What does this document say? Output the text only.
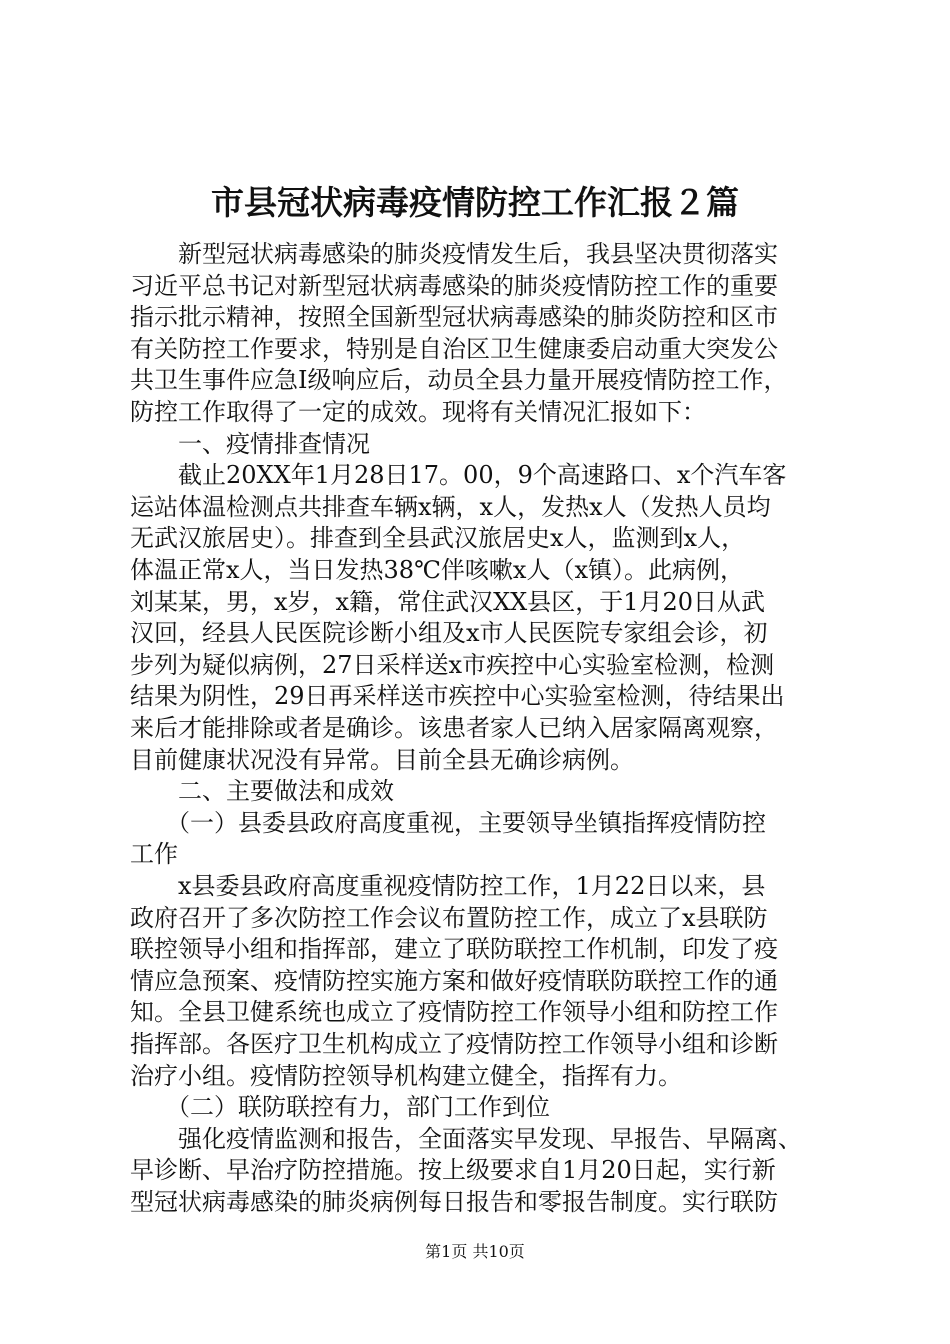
市县冠状病毒疫情防控工作汇报２篇
　　新型冠状病毒感染的肺炎疫情发生后，我县坚决贯彻落实
习近平总书记对新型冠状病毒感染的肺炎疫情防控工作的重要
指示批示精神，按照全国新型冠状病毒感染的肺炎防控和区市
有关防控工作要求，特别是自治区卫生健康委启动重大突发公
共卫生事件应急Ⅰ级响应后，动员全县力量开展疫情防控工作，
防控工作取得了一定的成效。现将有关情况汇报如下：
　　一、疫情排查情况
　　截止20XX年1月28日17。00，9个高速路口、x个汽车客
运站体温检测点共排查车辆x辆，x人，发热x人（发热人员均
无武汉旅居史）。排查到全县武汉旅居史x人，监测到x人，
体温正常x人，当日发热38℃伴咳嗽x人（x镇）。此病例，
刘某某，男，x岁，x籍，常住武汉XX县区，于1月20日从武
汉回，经县人民医院诊断小组及x市人民医院专家组会诊，初
步列为疑似病例，27日采样送x市疾控中心实验室检测，检测
结果为阴性，29日再采样送市疾控中心实验室检测，待结果出
来后才能排除或者是确诊。该患者家人已纳入居家隔离观察，
目前健康状况没有异常。目前全县无确诊病例。
　　二、主要做法和成效
　　（一）县委县政府高度重视，主要领导坐镇指挥疫情防控
工作
　　x县委县政府高度重视疫情防控工作，1月22日以来，县
政府召开了多次防控工作会议布置防控工作，成立了x县联防
联控领导小组和指挥部，建立了联防联控工作机制，印发了疫
情应急预案、疫情防控实施方案和做好疫情联防联控工作的通
知。全县卫健系统也成立了疫情防控工作领导小组和防控工作
指挥部。各医疗卫生机构成立了疫情防控工作领导小组和诊断
治疗小组。疫情防控领导机构建立健全，指挥有力。
　　（二）联防联控有力，部门工作到位
　　强化疫情监测和报告，全面落实早发现、早报告、早隔离、
早诊断、早治疗防控措施。按上级要求自1月20日起，实行新
型冠状病毒感染的肺炎病例每日报告和零报告制度。实行联防
第1页 共10页
